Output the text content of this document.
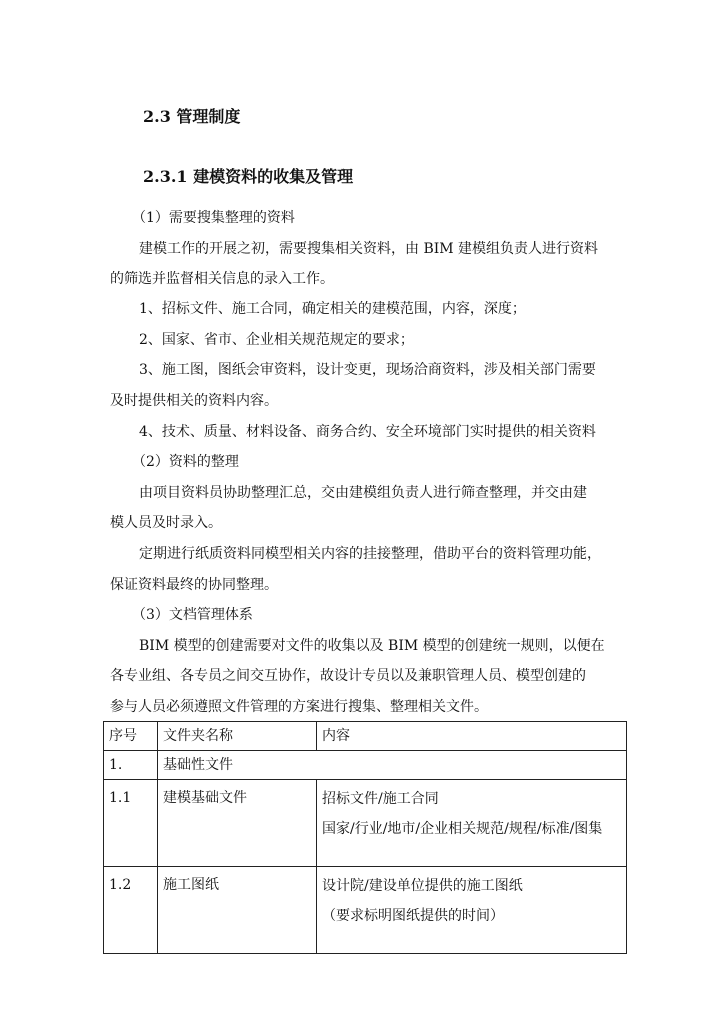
2.3 管理制度
2.3.1 建模资料的收集及管理

（1）需要搜集整理的资料

建模工作的开展之初，需要搜集相关资料，由 BIM 建模组负责人进行资料

的筛选并监督相关信息的录入工作。

1、招标文件、施工合同，确定相关的建模范围，内容，深度；

2、国家、省市、企业相关规范规定的要求；

3、施工图，图纸会审资料，设计变更，现场洽商资料，涉及相关部门需要

及时提供相关的资料内容。

4、技术、质量、材料设备、商务合约、安全环境部门实时提供的相关资料

（2）资料的整理

由项目资料员协助整理汇总，交由建模组负责人进行筛查整理，并交由建

模人员及时录入。

定期进行纸质资料同模型相关内容的挂接整理，借助平台的资料管理功能，

保证资料最终的协同整理。

（3）文档管理体系

BIM 模型的创建需要对文件的收集以及 BIM 模型的创建统一规则，以便在

各专业组、各专员之间交互协作，故设计专员以及兼职管理人员、模型创建的

参与人员必须遵照文件管理的方案进行搜集、整理相关文件。

序号	文件夹名称	内容
1.	基础性文件	
1.1	建模基础文件	招标文件/施工合同
国家/行业/地市/企业相关规范/规程/标准/图集

1.2	施工图纸	设计院/建设单位提供的施工图纸
（要求标明图纸提供的时间）
